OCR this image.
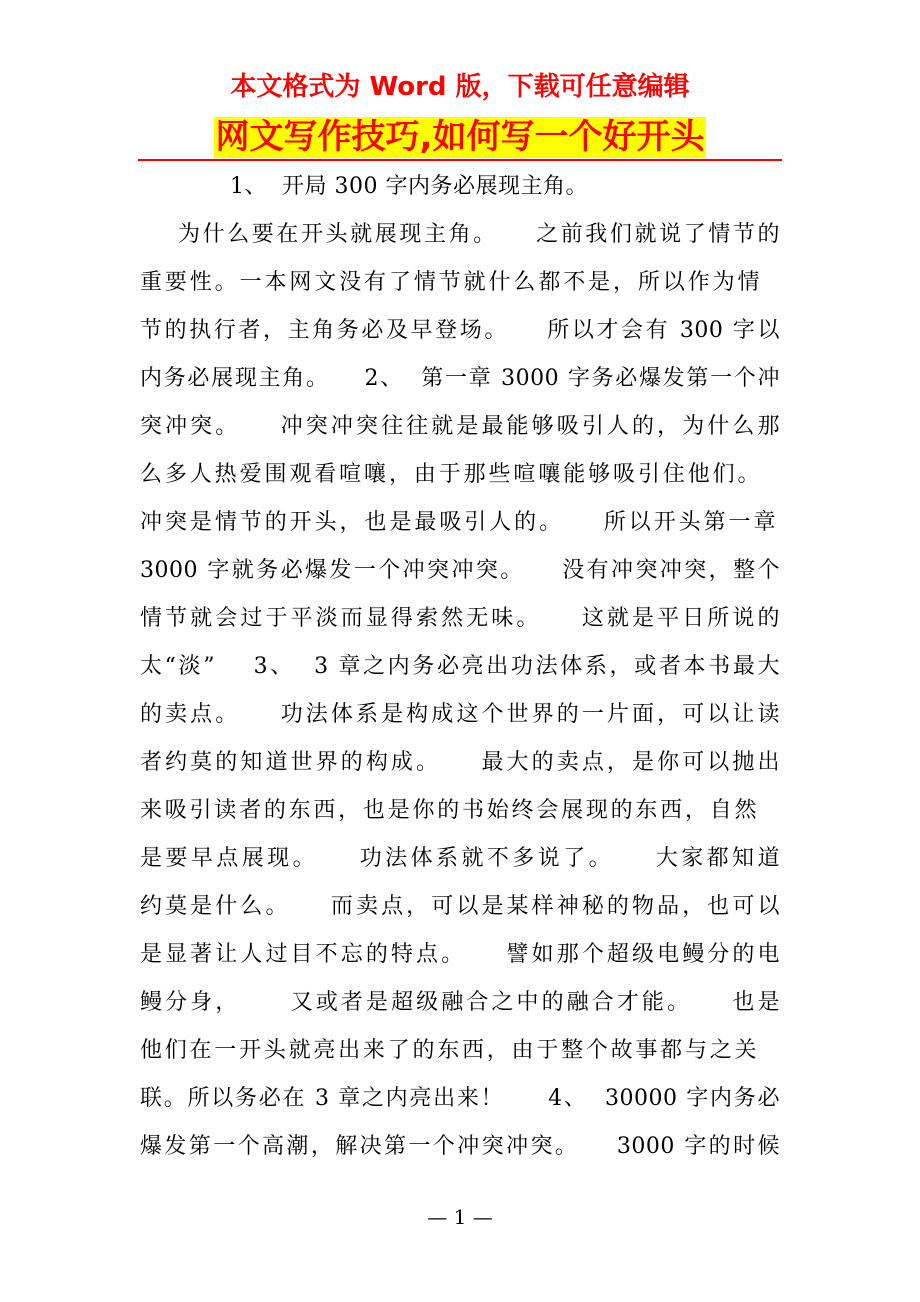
本文格式为 Word 版，下载可任意编辑
网文写作技巧,如何写一个好开头
1、  开局 300 字内务必展现主角。
为什么要在开头就展现主角。    之前我们就说了情节的
重要性。一本网文没有了情节就什么都不是，所以作为情
节的执行者，主角务必及早登场。    所以才会有 300 字以
内务必展现主角。    2、  第一章 3000 字务必爆发第一个冲
突冲突。    冲突冲突往往就是最能够吸引人的，为什么那
么多人热爱围观看喧嚷，由于那些喧嚷能够吸引住他们。
冲突是情节的开头，也是最吸引人的。    所以开头第一章
3000 字就务必爆发一个冲突冲突。    没有冲突冲突，整个
情节就会过于平淡而显得索然无味。    这就是平日所说的
太“淡”    3、  3 章之内务必亮出功法体系，或者本书最大
的卖点。    功法体系是构成这个世界的一片面，可以让读
者约莫的知道世界的构成。    最大的卖点，是你可以抛出
来吸引读者的东西，也是你的书始终会展现的东西，自然
是要早点展现。    功法体系就不多说了。    大家都知道
约莫是什么。    而卖点，可以是某样神秘的物品，也可以
是显著让人过目不忘的特点。    譬如那个超级电鳗分的电
鳗分身，     又或者是超级融合之中的融合才能。    也是
他们在一开头就亮出来了的东西，由于整个故事都与之关
联。所以务必在 3 章之内亮出来！     4、  30000 字内务必
爆发第一个高潮，解决第一个冲突冲突。    3000 字的时候
— 1 —
